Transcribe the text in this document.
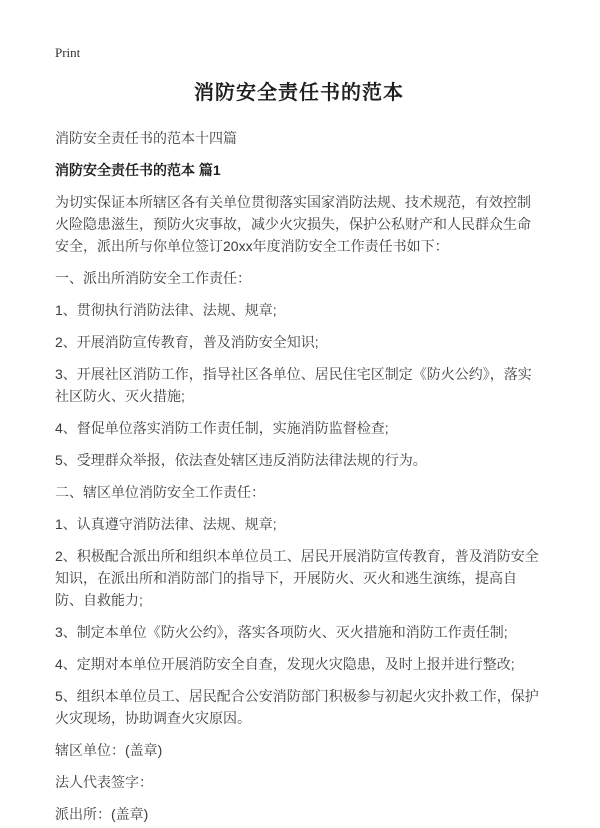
Print
消防安全责任书的范本

消防安全责任书的范本十四篇

消防安全责任书的范本 篇1

为切实保证本所辖区各有关单位贯彻落实国家消防法规、技术规范，有效控制火险隐患滋生，预防火灾事故，减少火灾损失，保护公私财产和人民群众生命安全，派出所与你单位签订20xx年度消防安全工作责任书如下：

一、派出所消防安全工作责任：

1、贯彻执行消防法律、法规、规章;

2、开展消防宣传教育，普及消防安全知识;

3、开展社区消防工作，指导社区各单位、居民住宅区制定《防火公约》，落实社区防火、灭火措施;

4、督促单位落实消防工作责任制，实施消防监督检查;

5、受理群众举报，依法查处辖区违反消防法律法规的行为。

二、辖区单位消防安全工作责任：

1、认真遵守消防法律、法规、规章;

2、积极配合派出所和组织本单位员工、居民开展消防宣传教育，普及消防安全知识，在派出所和消防部门的指导下，开展防火、灭火和逃生演练，提高自防、自救能力;

3、制定本单位《防火公约》，落实各项防火、灭火措施和消防工作责任制;

4、定期对本单位开展消防安全自查，发现火灾隐患，及时上报并进行整改;

5、组织本单位员工、居民配合公安消防部门积极参与初起火灾扑救工作，保护火灾现场，协助调查火灾原因。

辖区单位：(盖章)

法人代表签字：

派出所：(盖章)
